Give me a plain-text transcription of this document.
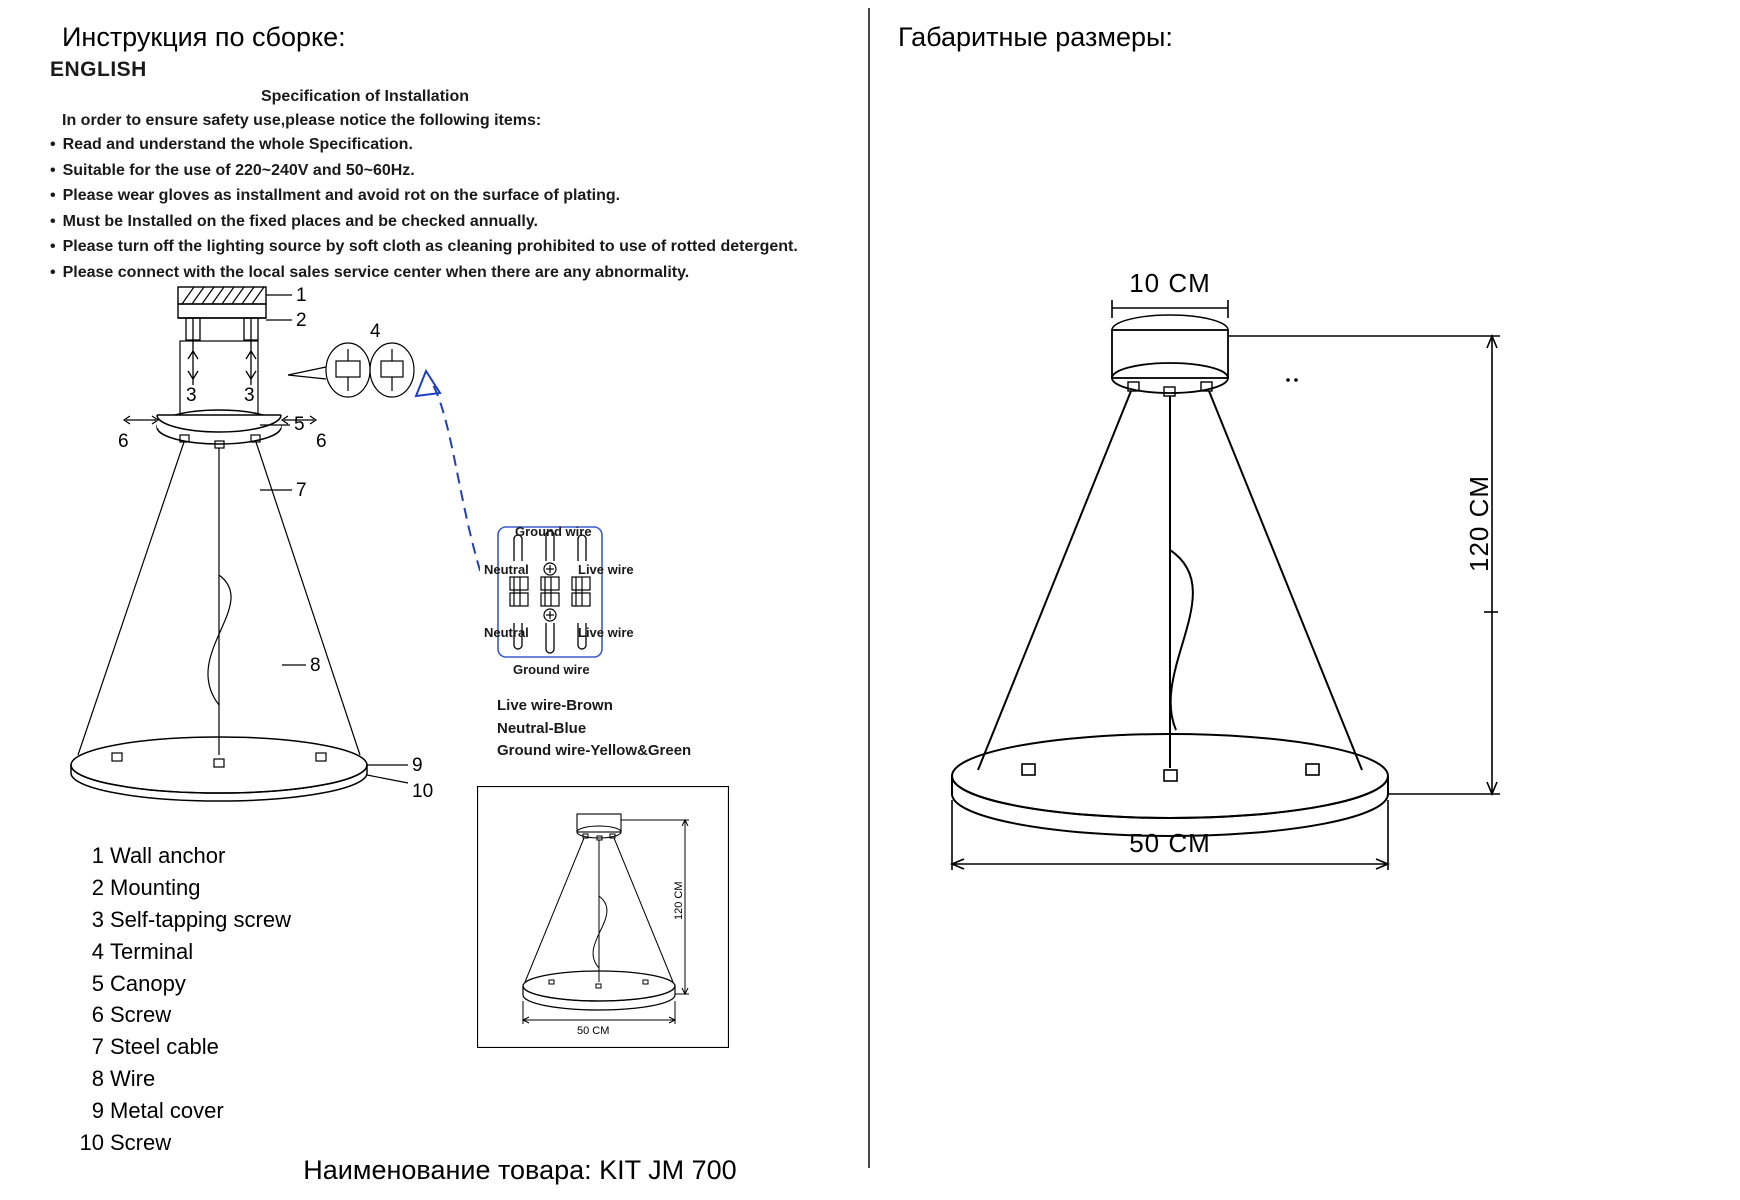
Инструкция по сборке:	Габаритные размеры:
ENGLISH
Specification of Installation
In order to ensure safety use,please notice the following items:
• Read and understand the whole Specification.
• Suitable for the use of 220~240V and 50~60Hz.
• Please wear gloves as installment and avoid rot on the surface of plating.
• Must be Installed on the fixed places and be checked annually.
• Please turn off the lighting source by soft cloth as cleaning prohibited to use of rotted detergent.
• Please connect with the local sales service center when there are any abnormality.
1
2
3 3
5
6	6
7
8
9
10
4
Ground wire
Neutral	Live wire
Neutral	Live wire
Ground wire
Live wire-Brown
Neutral-Blue
Ground wire-Yellow&Green
1 Wall anchor
2 Mounting
3 Self-tapping screw
4 Terminal
5 Canopy
6 Screw
7 Steel cable
8 Wire
9 Metal cover
10 Screw
120 CM
50 CM
10 CM
120 CM
50 CM
Наименование товара: KIT JM 700
